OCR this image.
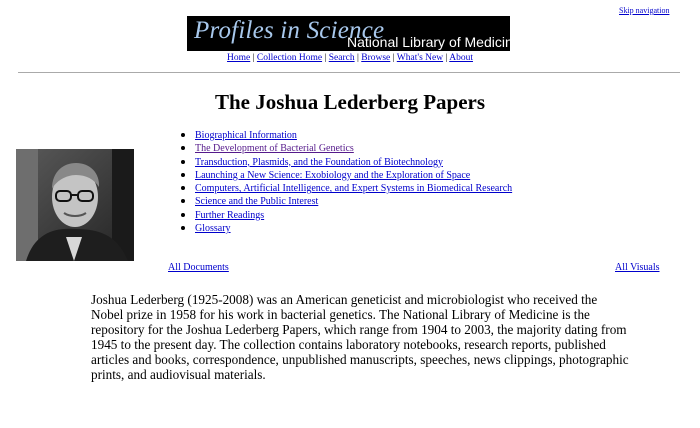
Skip navigation
Profiles in Science
National Library of Medicine
Home | Collection Home | Search | Browse | What's New | About
The Joshua Lederberg Papers
Biographical Information
The Development of Bacterial Genetics
Transduction, Plasmids, and the Foundation of Biotechnology
Launching a New Science: Exobiology and the Exploration of Space
Computers, Artificial Intelligence, and Expert Systems in Biomedical Research
Science and the Public Interest
Further Readings
Glossary
All Documents	All Visuals

Joshua Lederberg (1925-2008) was an American geneticist and microbiologist who received the Nobel prize in 1958 for his work in bacterial genetics. The National Library of Medicine is the repository for the Joshua Lederberg Papers, which range from 1904 to 2003, the majority dating from 1945 to the present day. The collection contains laboratory notebooks, research reports, published articles and books, correspondence, unpublished manuscripts, speeches, news clippings, photographic prints, and audiovisual materials.
